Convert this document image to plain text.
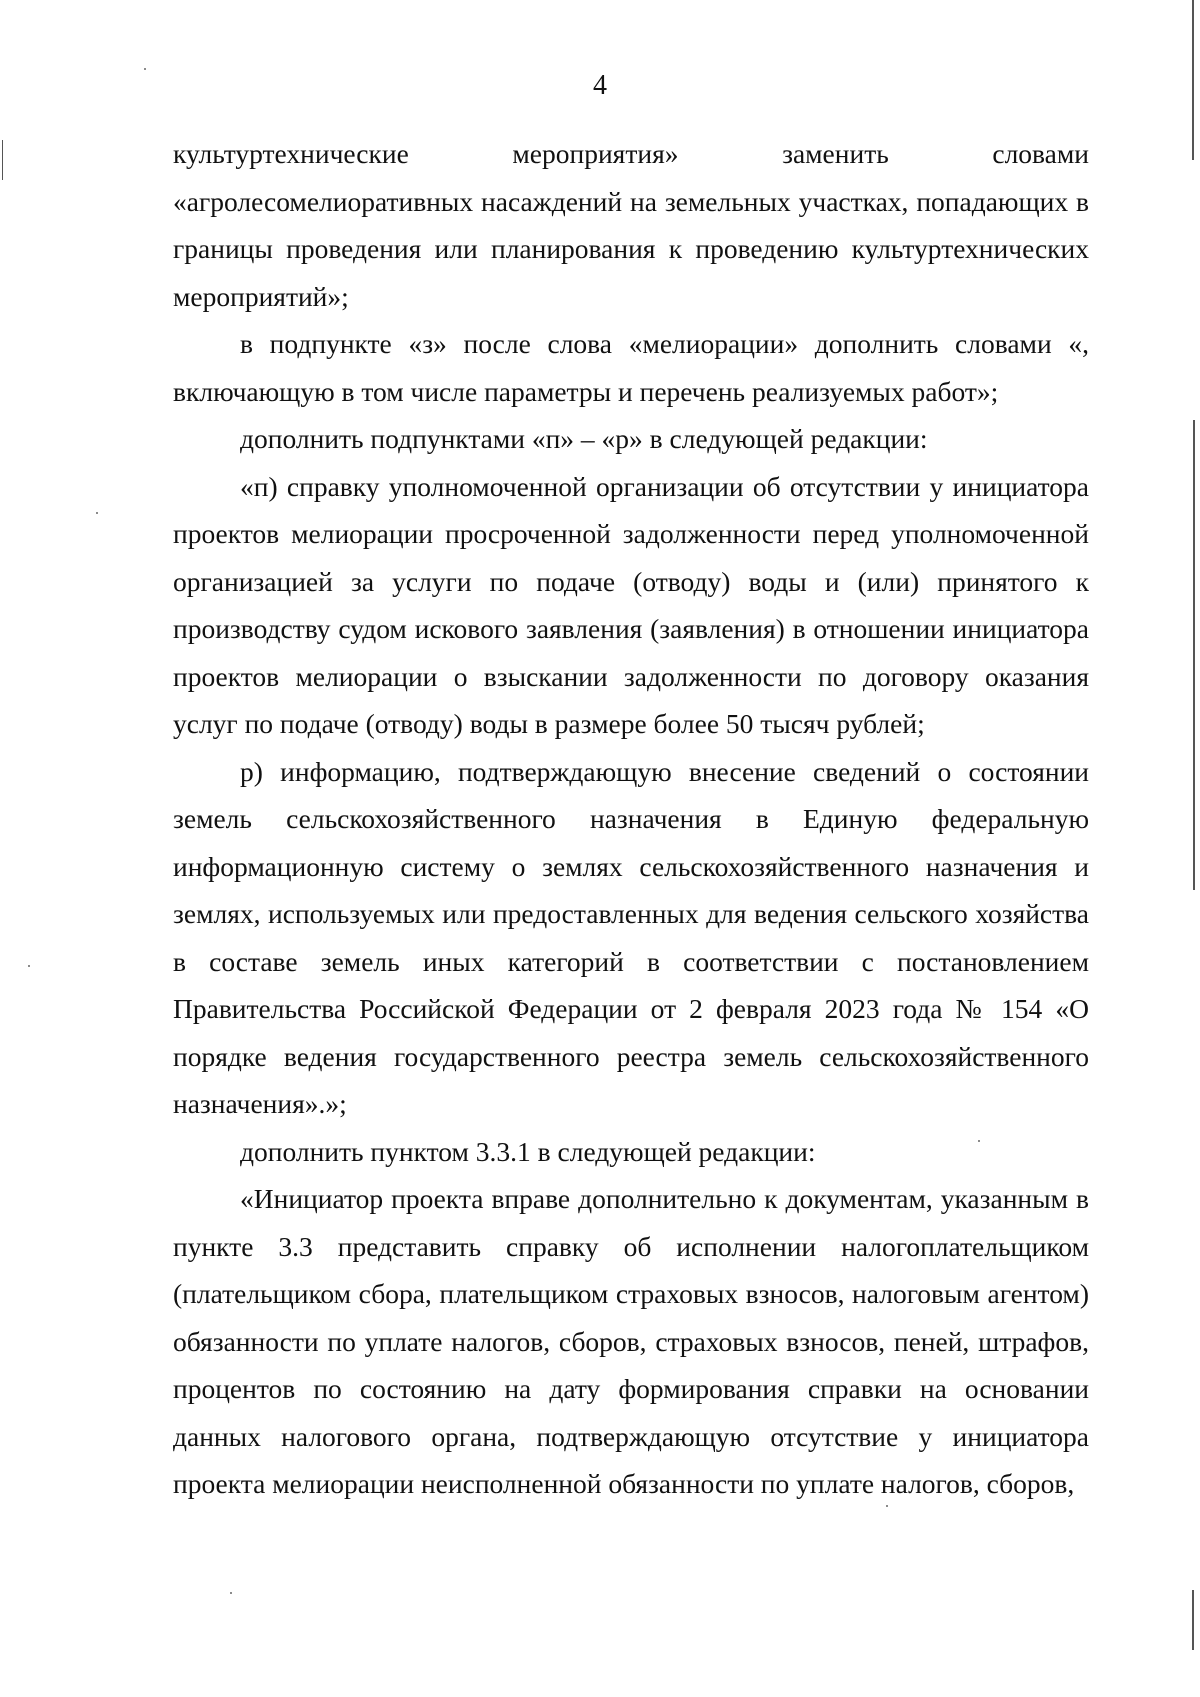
4

культуртехнические мероприятия» заменить словами «агролесомелиоративных насаждений на земельных участках, попадающих в границы проведения или планирования к проведению культуртехнических мероприятий»;

в подпункте «з» после слова «мелиорации» дополнить словами «, включающую в том числе параметры и перечень реализуемых работ»;

дополнить подпунктами «п» – «р» в следующей редакции:

«п) справку уполномоченной организации об отсутствии у инициатора проектов мелиорации просроченной задолженности перед уполномоченной организацией за услуги по подаче (отводу) воды и (или) принятого к производству судом искового заявления (заявления) в отношении инициатора проектов мелиорации о взыскании задолженности по договору оказания услуг по подаче (отводу) воды в размере более 50 тысяч рублей;

р) информацию, подтверждающую внесение сведений о состоянии земель сельскохозяйственного назначения в Единую федеральную информационную систему о землях сельскохозяйственного назначения и землях, используемых или предоставленных для ведения сельского хозяйства в составе земель иных категорий в соответствии с постановлением Правительства Российской Федерации от 2 февраля 2023 года № 154 «О порядке ведения государственного реестра земель сельскохозяйственного назначения».»;

дополнить пунктом 3.3.1 в следующей редакции:

«Инициатор проекта вправе дополнительно к документам, указанным в пункте 3.3 представить справку об исполнении налогоплательщиком (плательщиком сбора, плательщиком страховых взносов, налоговым агентом) обязанности по уплате налогов, сборов, страховых взносов, пеней, штрафов, процентов по состоянию на дату формирования справки на основании данных налогового органа, подтверждающую отсутствие у инициатора проекта мелиорации неисполненной обязанности по уплате налогов, сборов,
